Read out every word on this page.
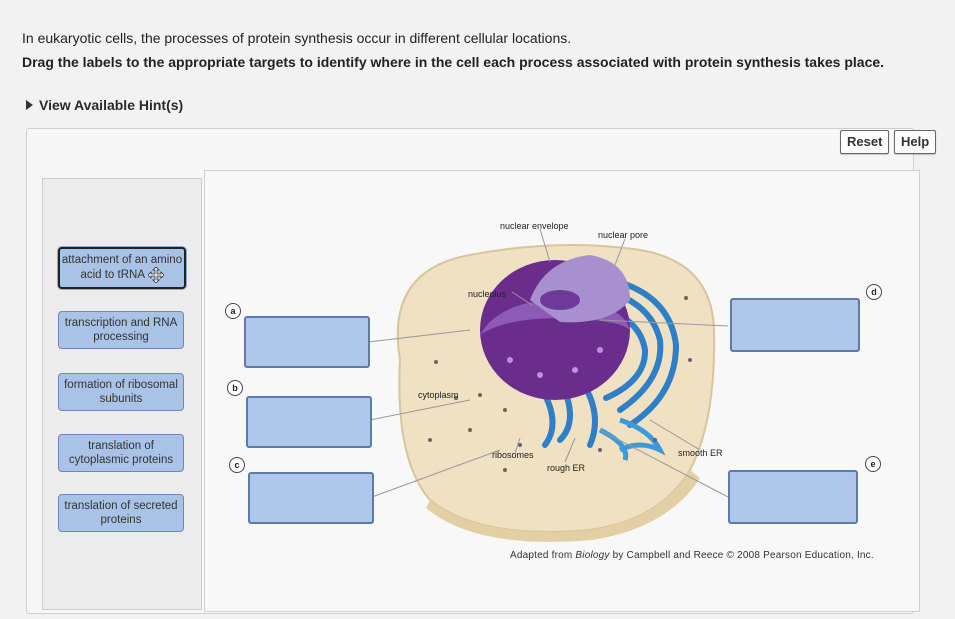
In eukaryotic cells, the processes of protein synthesis occur in different cellular locations.
Drag the labels to the appropriate targets to identify where in the cell each process associated with protein synthesis takes place.
View Available Hint(s)
Reset	Help
attachment of an amino acid to tRNA
transcription and RNA processing
formation of ribosomal subunits
translation of cytoplasmic proteins
translation of secreted proteins
nuclear envelope
nuclear pore
nucleolus
cytoplasm
ribosomes
rough ER
smooth ER
a
b
c
d
e
Adapted from Biology by Campbell and Reece © 2008 Pearson Education, Inc.
